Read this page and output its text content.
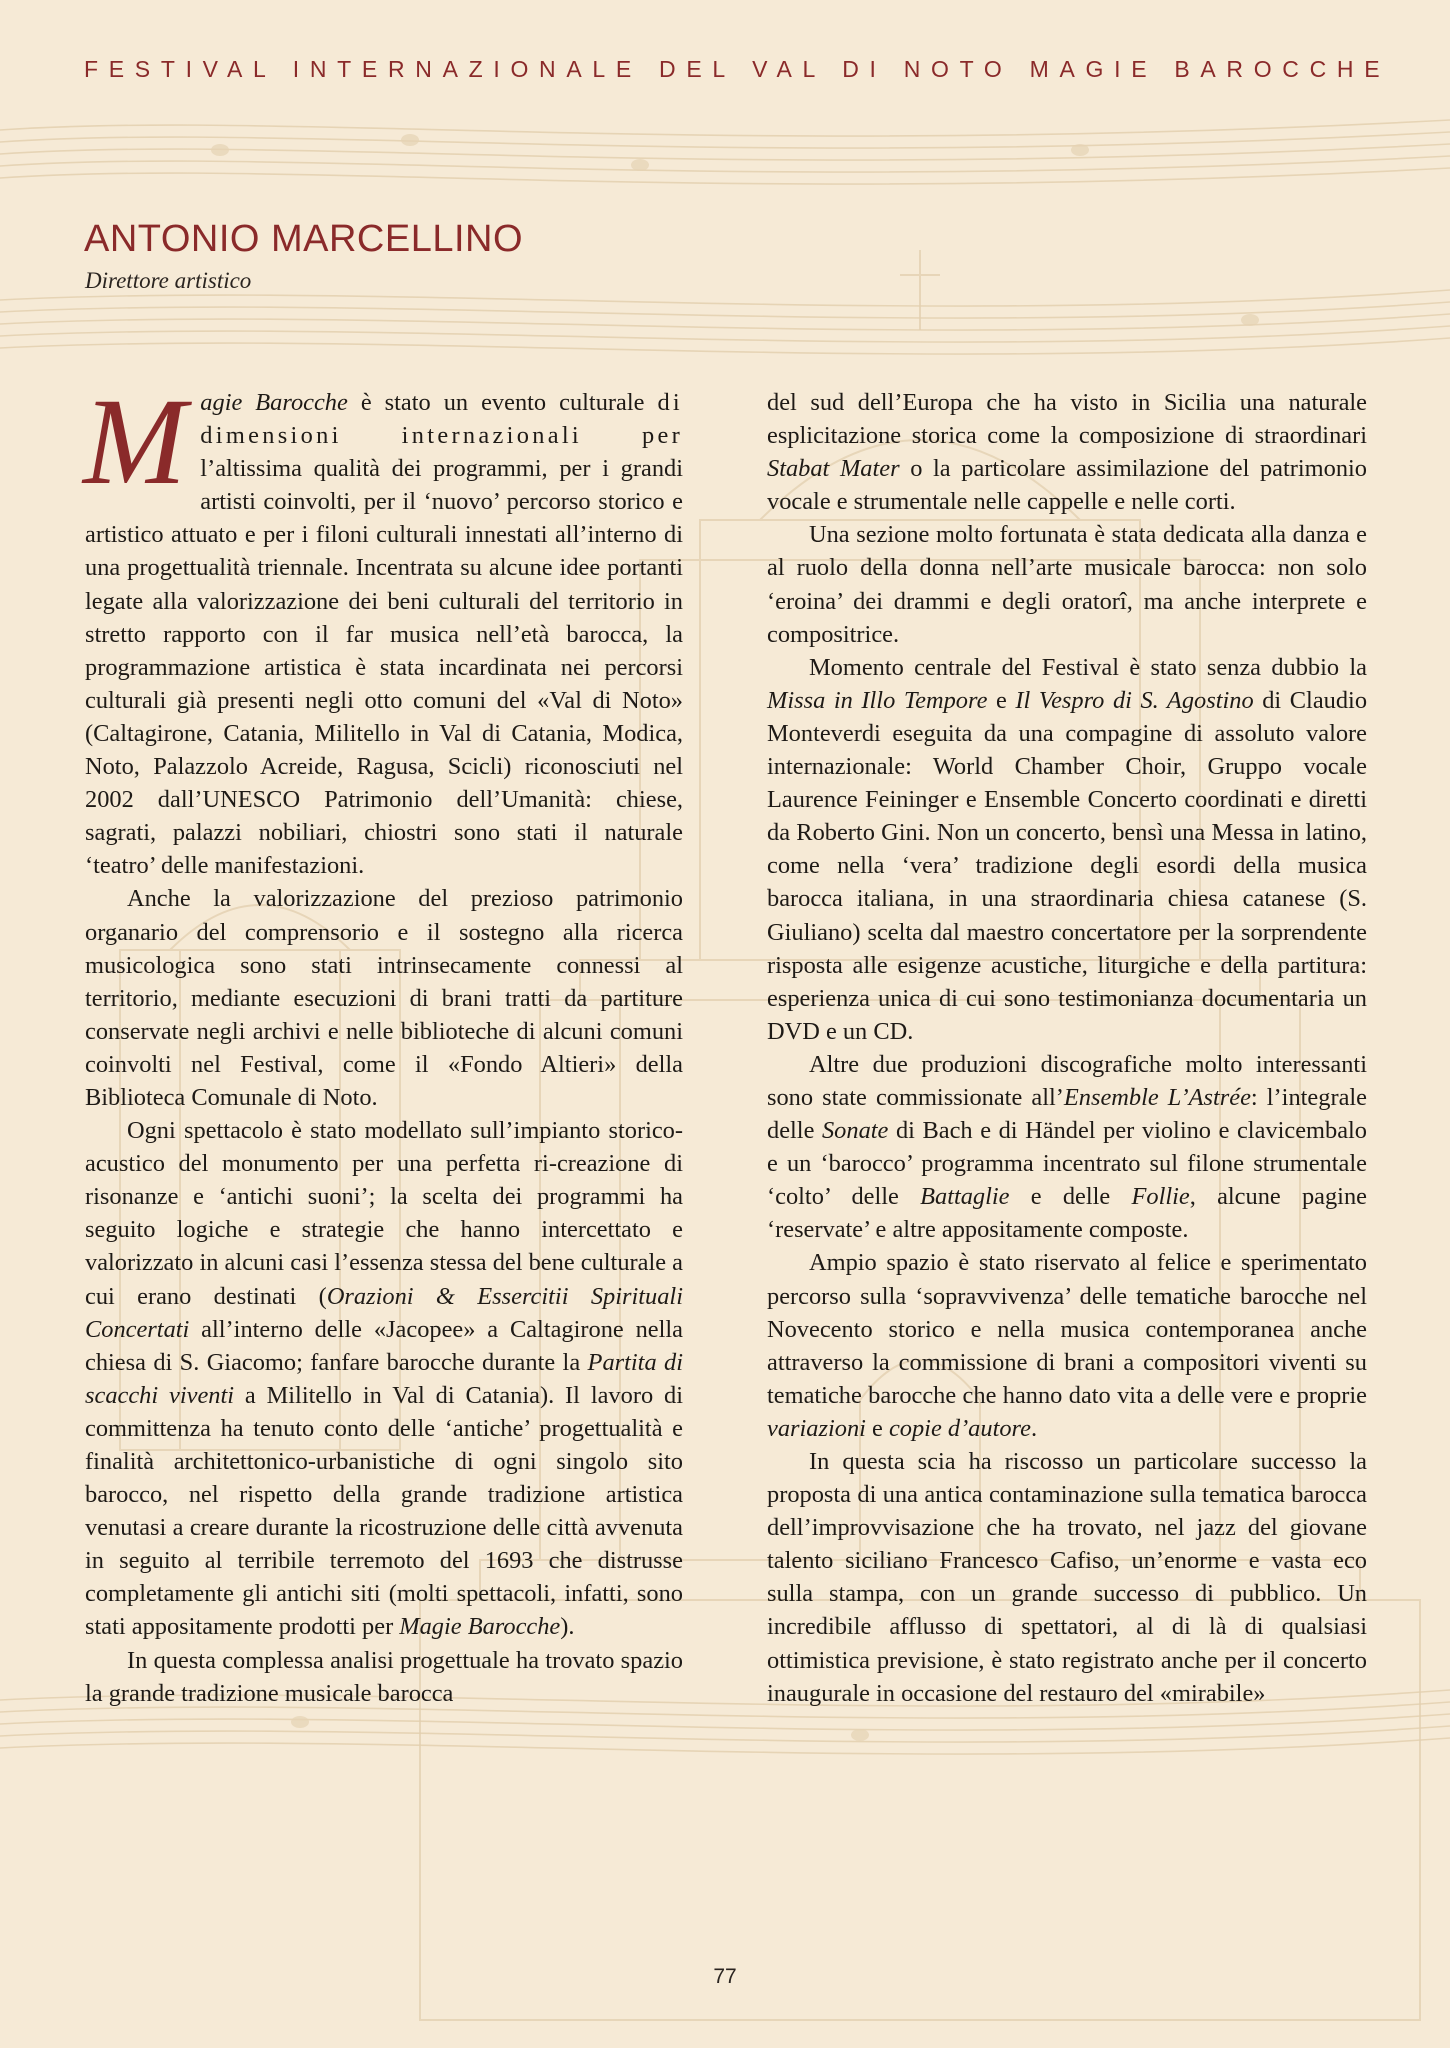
FESTIVAL INTERNAZIONALE DEL VAL DI NOTO MAGIE BAROCCHE
ANTONIO MARCELLINO
Direttore artistico

Magie Barocche è stato un evento culturale di dimensioni internazionali per l’altissima qualità dei programmi, per i grandi artisti coinvolti, per il ‘nuovo’ percorso storico e artistico attuato e per i filoni culturali innestati all’interno di una progettualità triennale. Incentrata su alcune idee portanti legate alla valorizzazione dei beni culturali del territorio in stretto rapporto con il far musica nell’età barocca, la programmazione artistica è stata incardinata nei percorsi culturali già presenti negli otto comuni del «Val di Noto» (Caltagirone, Catania, Militello in Val di Catania, Modica, Noto, Palazzolo Acreide, Ragusa, Scicli) riconosciuti nel 2002 dall’UNESCO Patrimonio dell’Umanità: chiese, sagrati, palazzi nobiliari, chiostri sono stati il naturale ‘teatro’ delle manifestazioni.

Anche la valorizzazione del prezioso patrimonio organario del comprensorio e il sostegno alla ricerca musicologica sono stati intrinsecamente connessi al territorio, mediante esecuzioni di brani tratti da partiture conservate negli archivi e nelle biblioteche di alcuni comuni coinvolti nel Festival, come il «Fondo Altieri» della Biblioteca Comunale di Noto.

Ogni spettacolo è stato modellato sull’impianto storico-acustico del monumento per una perfetta ri-creazione di risonanze e ‘antichi suoni’; la scelta dei programmi ha seguito logiche e strategie che hanno intercettato e valorizzato in alcuni casi l’essenza stessa del bene culturale a cui erano destinati (Orazioni & Essercitii Spirituali Concertati all’interno delle «Jacopee» a Caltagirone nella chiesa di S. Giacomo; fanfare barocche durante la Partita di scacchi viventi a Militello in Val di Catania). Il lavoro di committenza ha tenuto conto delle ‘antiche’ progettualità e finalità architettonico-urbanistiche di ogni singolo sito barocco, nel rispetto della grande tradizione artistica venutasi a creare durante la ricostruzione delle città avvenuta in seguito al terribile terremoto del 1693 che distrusse completamente gli antichi siti (molti spettacoli, infatti, sono stati appositamente prodotti per Magie Barocche).

In questa complessa analisi progettuale ha trovato spazio la grande tradizione musicale barocca

del sud dell’Europa che ha visto in Sicilia una naturale esplicitazione storica come la composizione di straordinari Stabat Mater o la particolare assimilazione del patrimonio vocale e strumentale nelle cappelle e nelle corti.

Una sezione molto fortunata è stata dedicata alla danza e al ruolo della donna nell’arte musicale barocca: non solo ‘eroina’ dei drammi e degli oratorî, ma anche interprete e compositrice.

Momento centrale del Festival è stato senza dubbio la Missa in Illo Tempore e Il Vespro di S. Agostino di Claudio Monteverdi eseguita da una compagine di assoluto valore internazionale: World Chamber Choir, Gruppo vocale Laurence Feininger e Ensemble Concerto coordinati e diretti da Roberto Gini. Non un concerto, bensì una Messa in latino, come nella ‘vera’ tradizione degli esordi della musica barocca italiana, in una straordinaria chiesa catanese (S. Giuliano) scelta dal maestro concertatore per la sorprendente risposta alle esigenze acustiche, liturgiche e della partitura: esperienza unica di cui sono testimonianza documentaria un DVD e un CD.

Altre due produzioni discografiche molto interessanti sono state commissionate all’Ensemble L’Astrée: l’integrale delle Sonate di Bach e di Händel per violino e clavicembalo e un ‘barocco’ programma incentrato sul filone strumentale ‘colto’ delle Battaglie e delle Follie, alcune pagine ‘reservate’ e altre appositamente composte.

Ampio spazio è stato riservato al felice e sperimentato percorso sulla ‘sopravvivenza’ delle tematiche barocche nel Novecento storico e nella musica contemporanea anche attraverso la commissione di brani a compositori viventi su tematiche barocche che hanno dato vita a delle vere e proprie variazioni e copie d’autore.

In questa scia ha riscosso un particolare successo la proposta di una antica contaminazione sulla tematica barocca dell’improvvisazione che ha trovato, nel jazz del giovane talento siciliano Francesco Cafiso, un’enorme e vasta eco sulla stampa, con un grande successo di pubblico. Un incredibile afflusso di spettatori, al di là di qualsiasi ottimistica previsione, è stato registrato anche per il concerto inaugurale in occasione del restauro del «mirabile»

77
